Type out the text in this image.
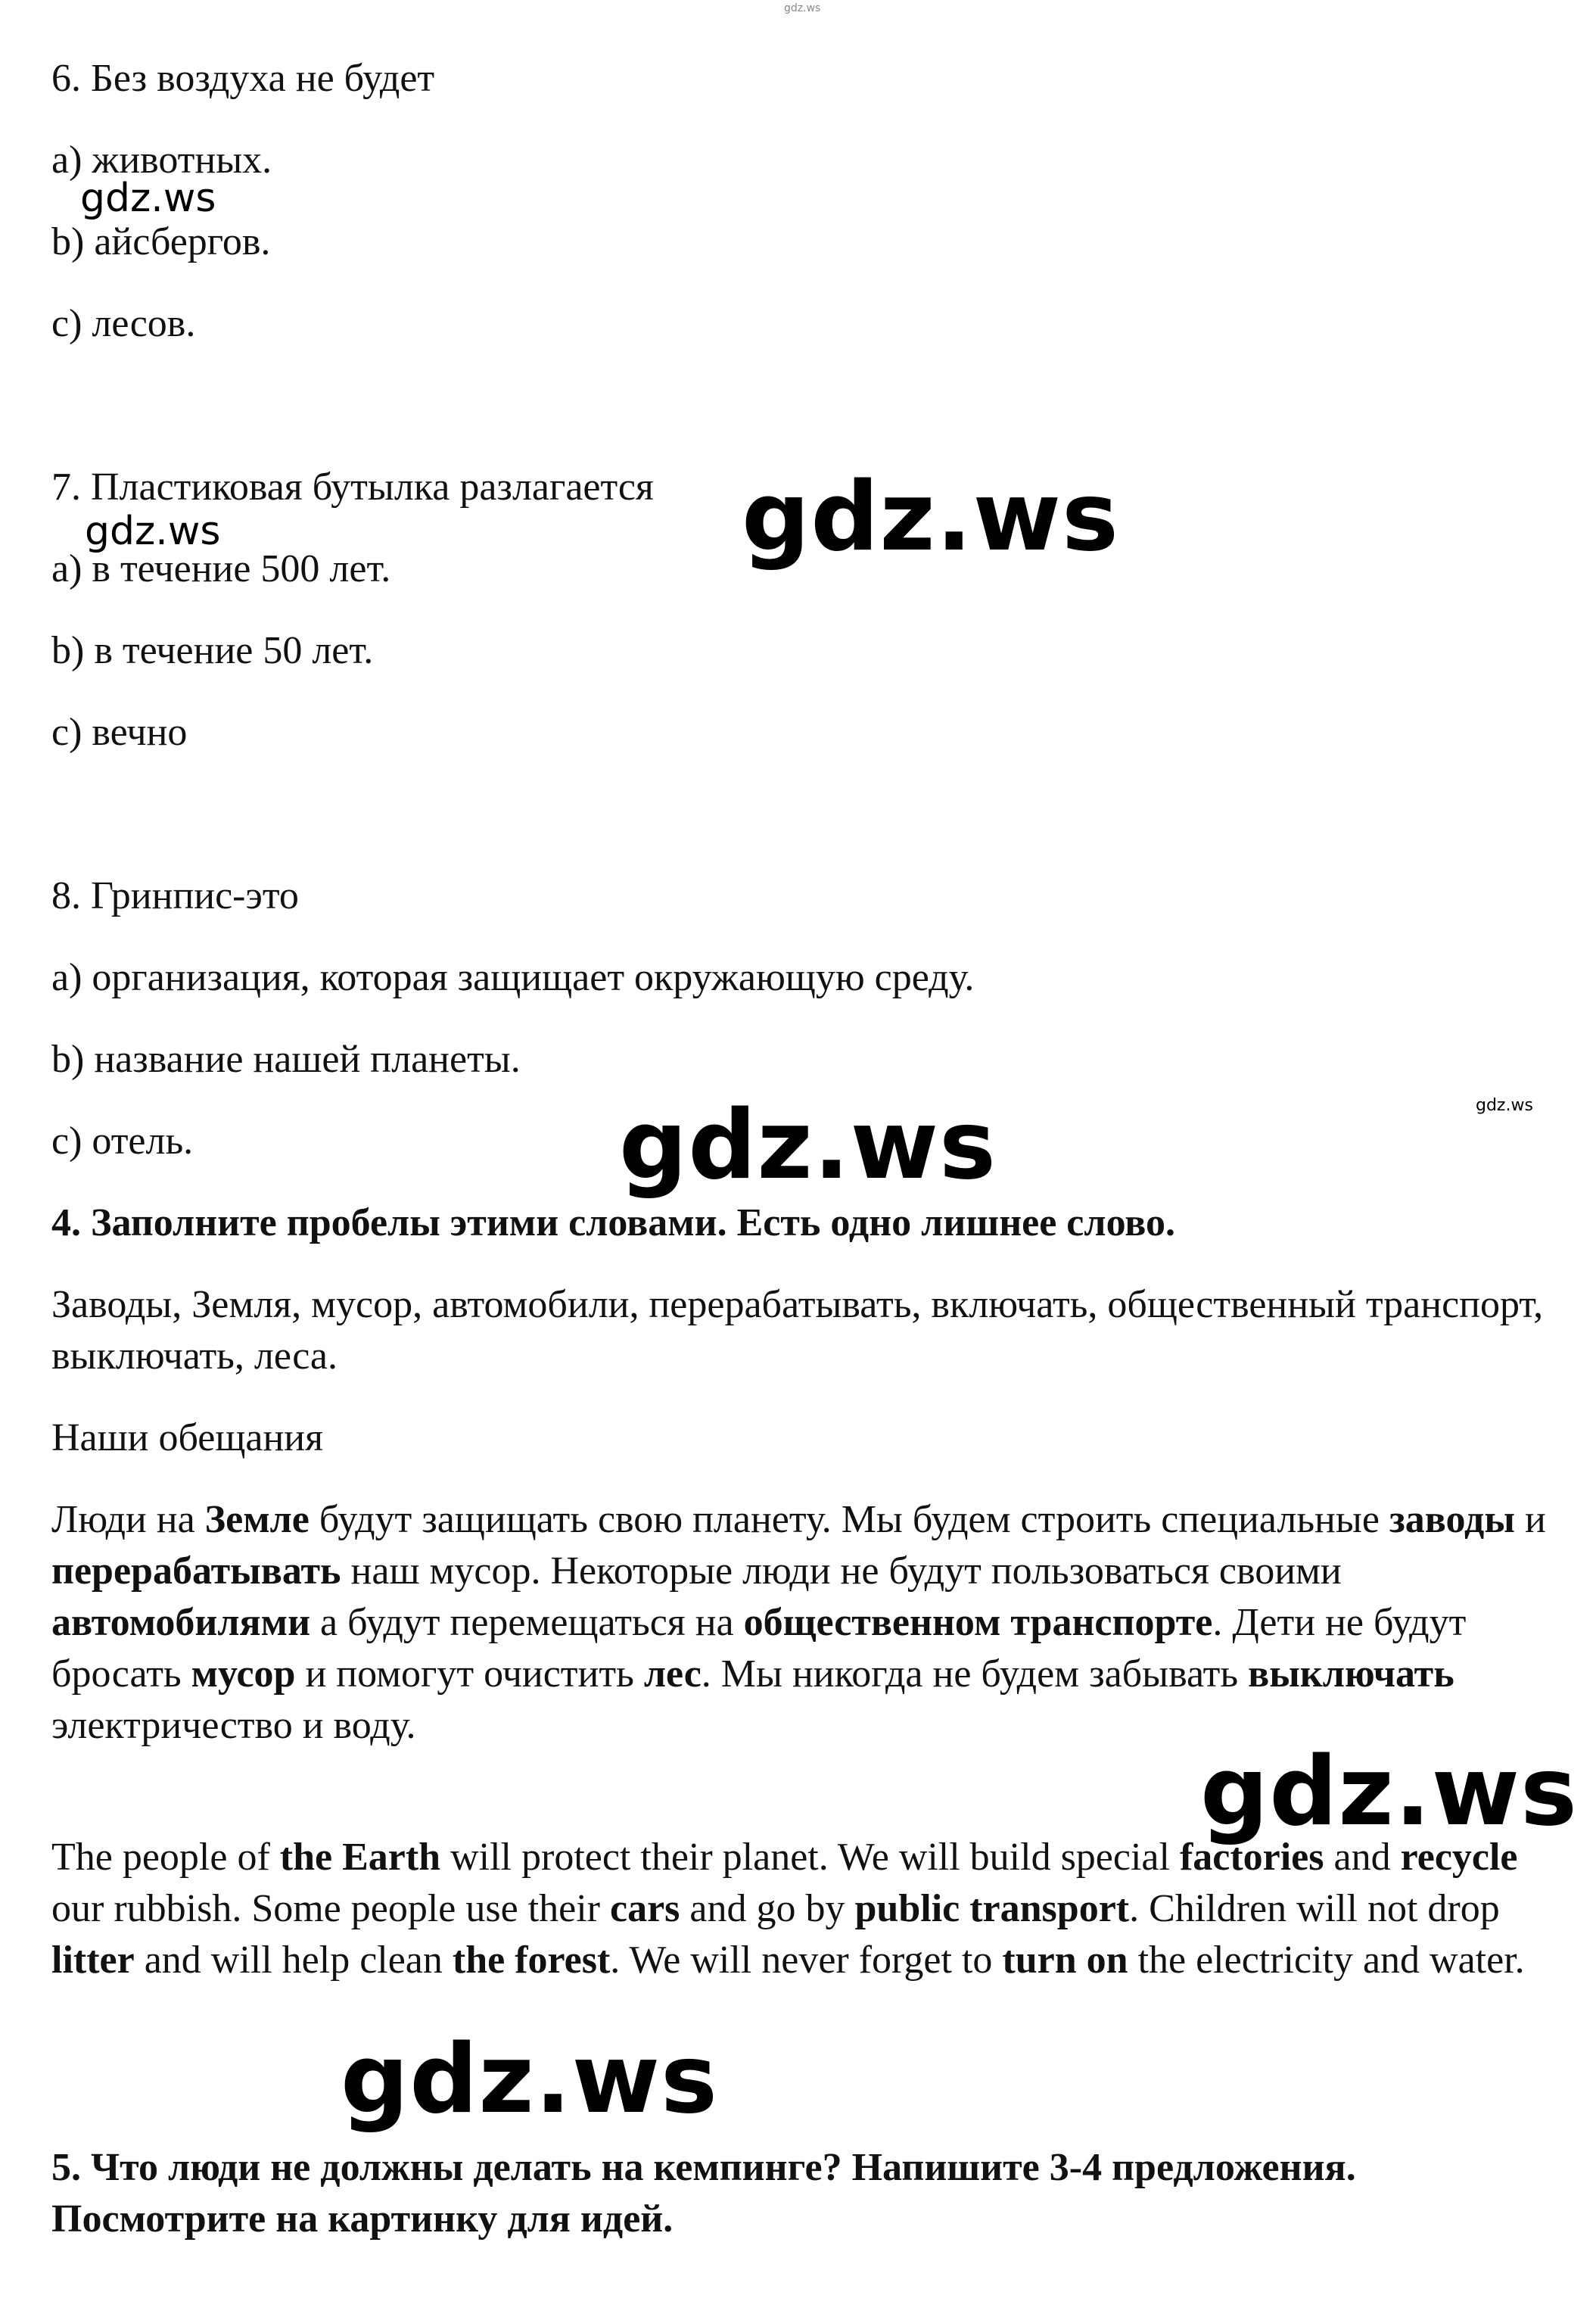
gdz.ws
gdz.ws
gdz.ws
gdz.ws
gdz.ws
gdz.ws
gdz.ws
gdz.ws

6. Без воздуха не будет

a) животных.

b) айсбергов.

c) лесов.

7. Пластиковая бутылка разлагается

a) в течение 500 лет.

b) в течение 50 лет.

c) вечно

8. Гринпис-это

a) организация, которая защищает окружающую среду.

b) название нашей планеты.

c) отель.

4. Заполните пробелы этими словами. Есть одно лишнее слово.

Заводы, Земля, мусор, автомобили, перерабатывать, включать, общественный транспорт, выключать, леса.

Наши обещания

Люди на Земле будут защищать свою планету. Мы будем строить специальные заводы и перерабатывать наш мусор. Некоторые люди не будут пользоваться своими автомобилями а будут перемещаться на общественном транспорте. Дети не будут бросать мусор и помогут очистить лес. Мы никогда не будем забывать выключать электричество и воду.

The people of the Earth will protect their planet. We will build special factories and recycle our rubbish. Some people use their cars and go by public transport. Children will not drop litter and will help clean the forest. We will never forget to turn on the electricity and water.

5. Что люди не должны делать на кемпинге? Напишите 3-4 предложения.

Посмотрите на картинку для идей.
